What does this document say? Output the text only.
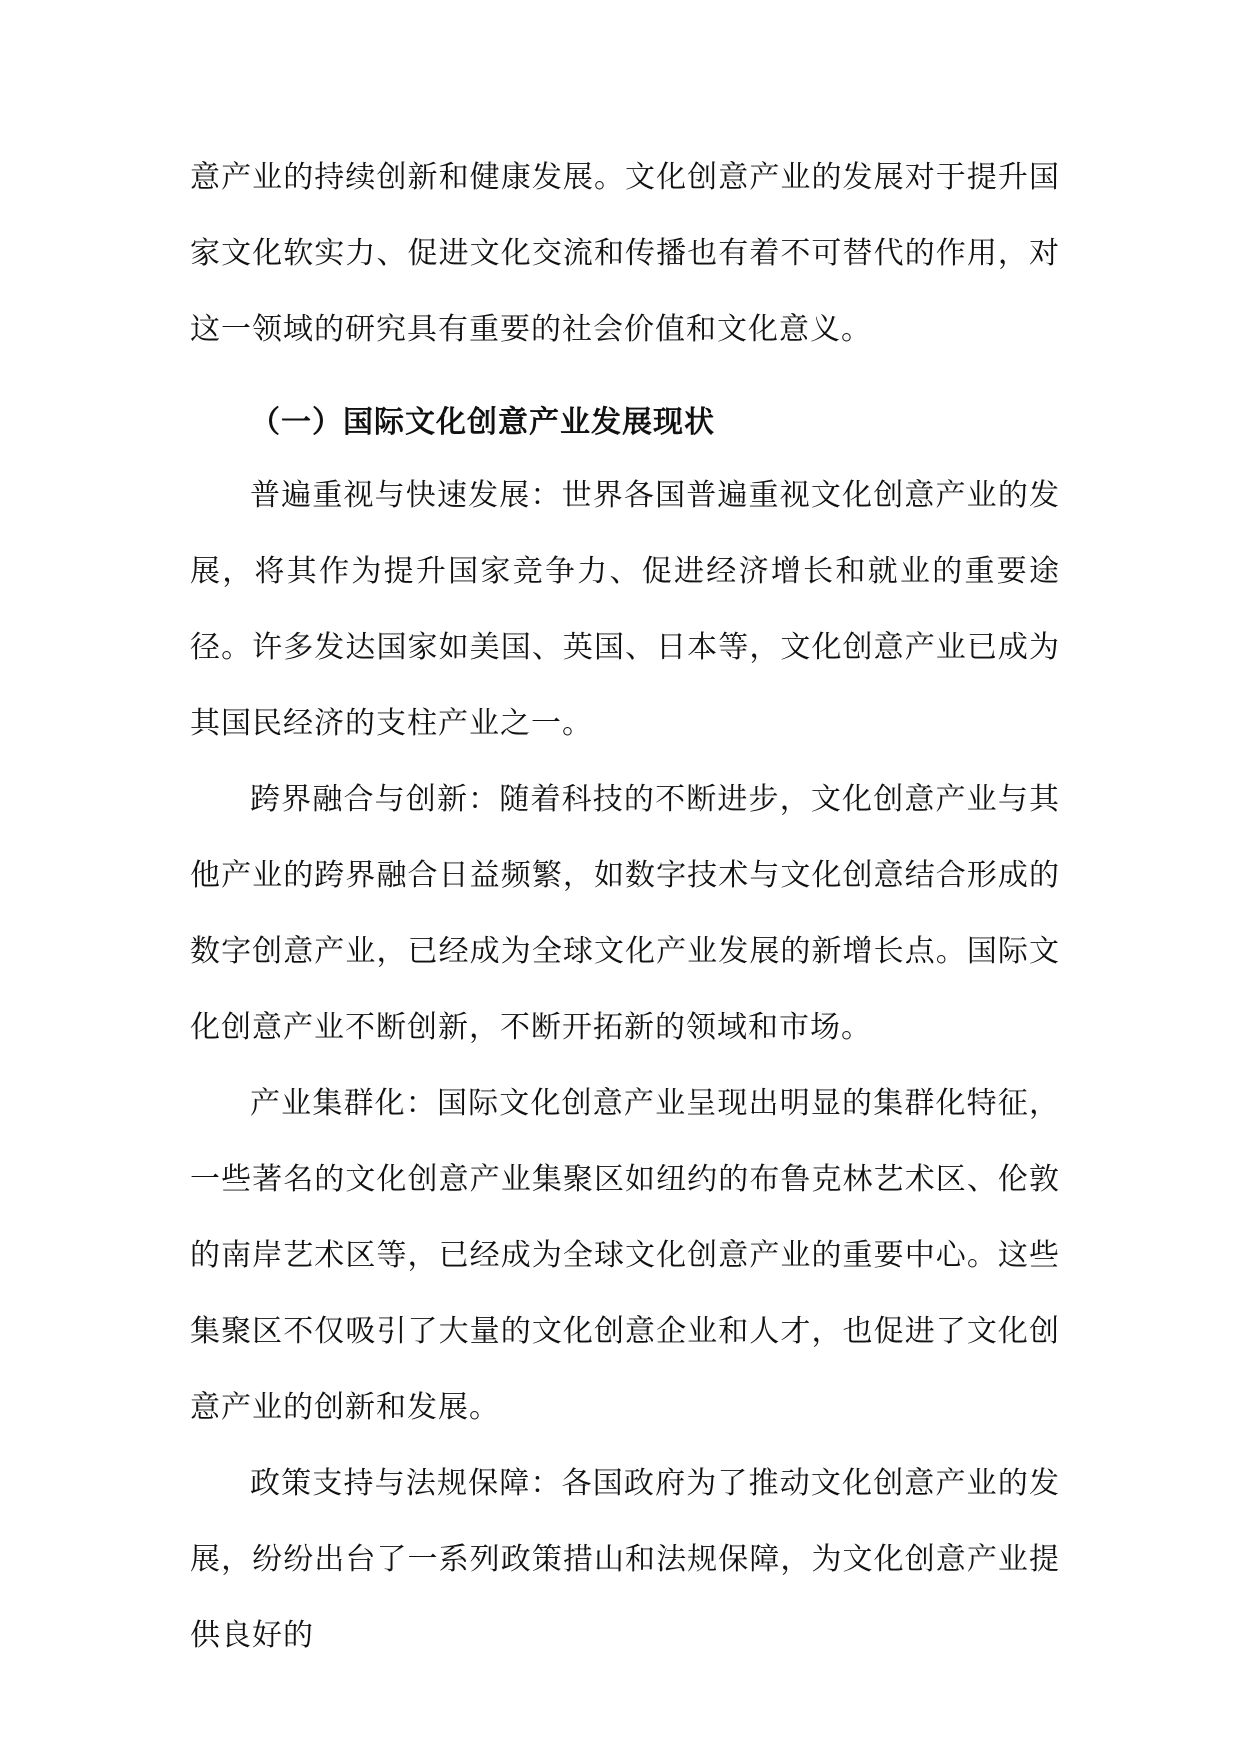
意产业的持续创新和健康发展。文化创意产业的发展对于提升国家文化软实力、促进文化交流和传播也有着不可替代的作用，对这一领域的研究具有重要的社会价值和文化意义。

（一）国际文化创意产业发展现状

普遍重视与快速发展：世界各国普遍重视文化创意产业的发展，将其作为提升国家竞争力、促进经济增长和就业的重要途径。许多发达国家如美国、英国、日本等，文化创意产业已成为其国民经济的支柱产业之一。

跨界融合与创新：随着科技的不断进步，文化创意产业与其他产业的跨界融合日益频繁，如数字技术与文化创意结合形成的数字创意产业，已经成为全球文化产业发展的新增长点。国际文化创意产业不断创新，不断开拓新的领域和市场。

产业集群化：国际文化创意产业呈现出明显的集群化特征，一些著名的文化创意产业集聚区如纽约的布鲁克林艺术区、伦敦的南岸艺术区等，已经成为全球文化创意产业的重要中心。这些集聚区不仅吸引了大量的文化创意企业和人才，也促进了文化创意产业的创新和发展。

政策支持与法规保障：各国政府为了推动文化创意产业的发展，纷纷出台了一系列政策措山和法规保障，为文化创意产业提供良好的
